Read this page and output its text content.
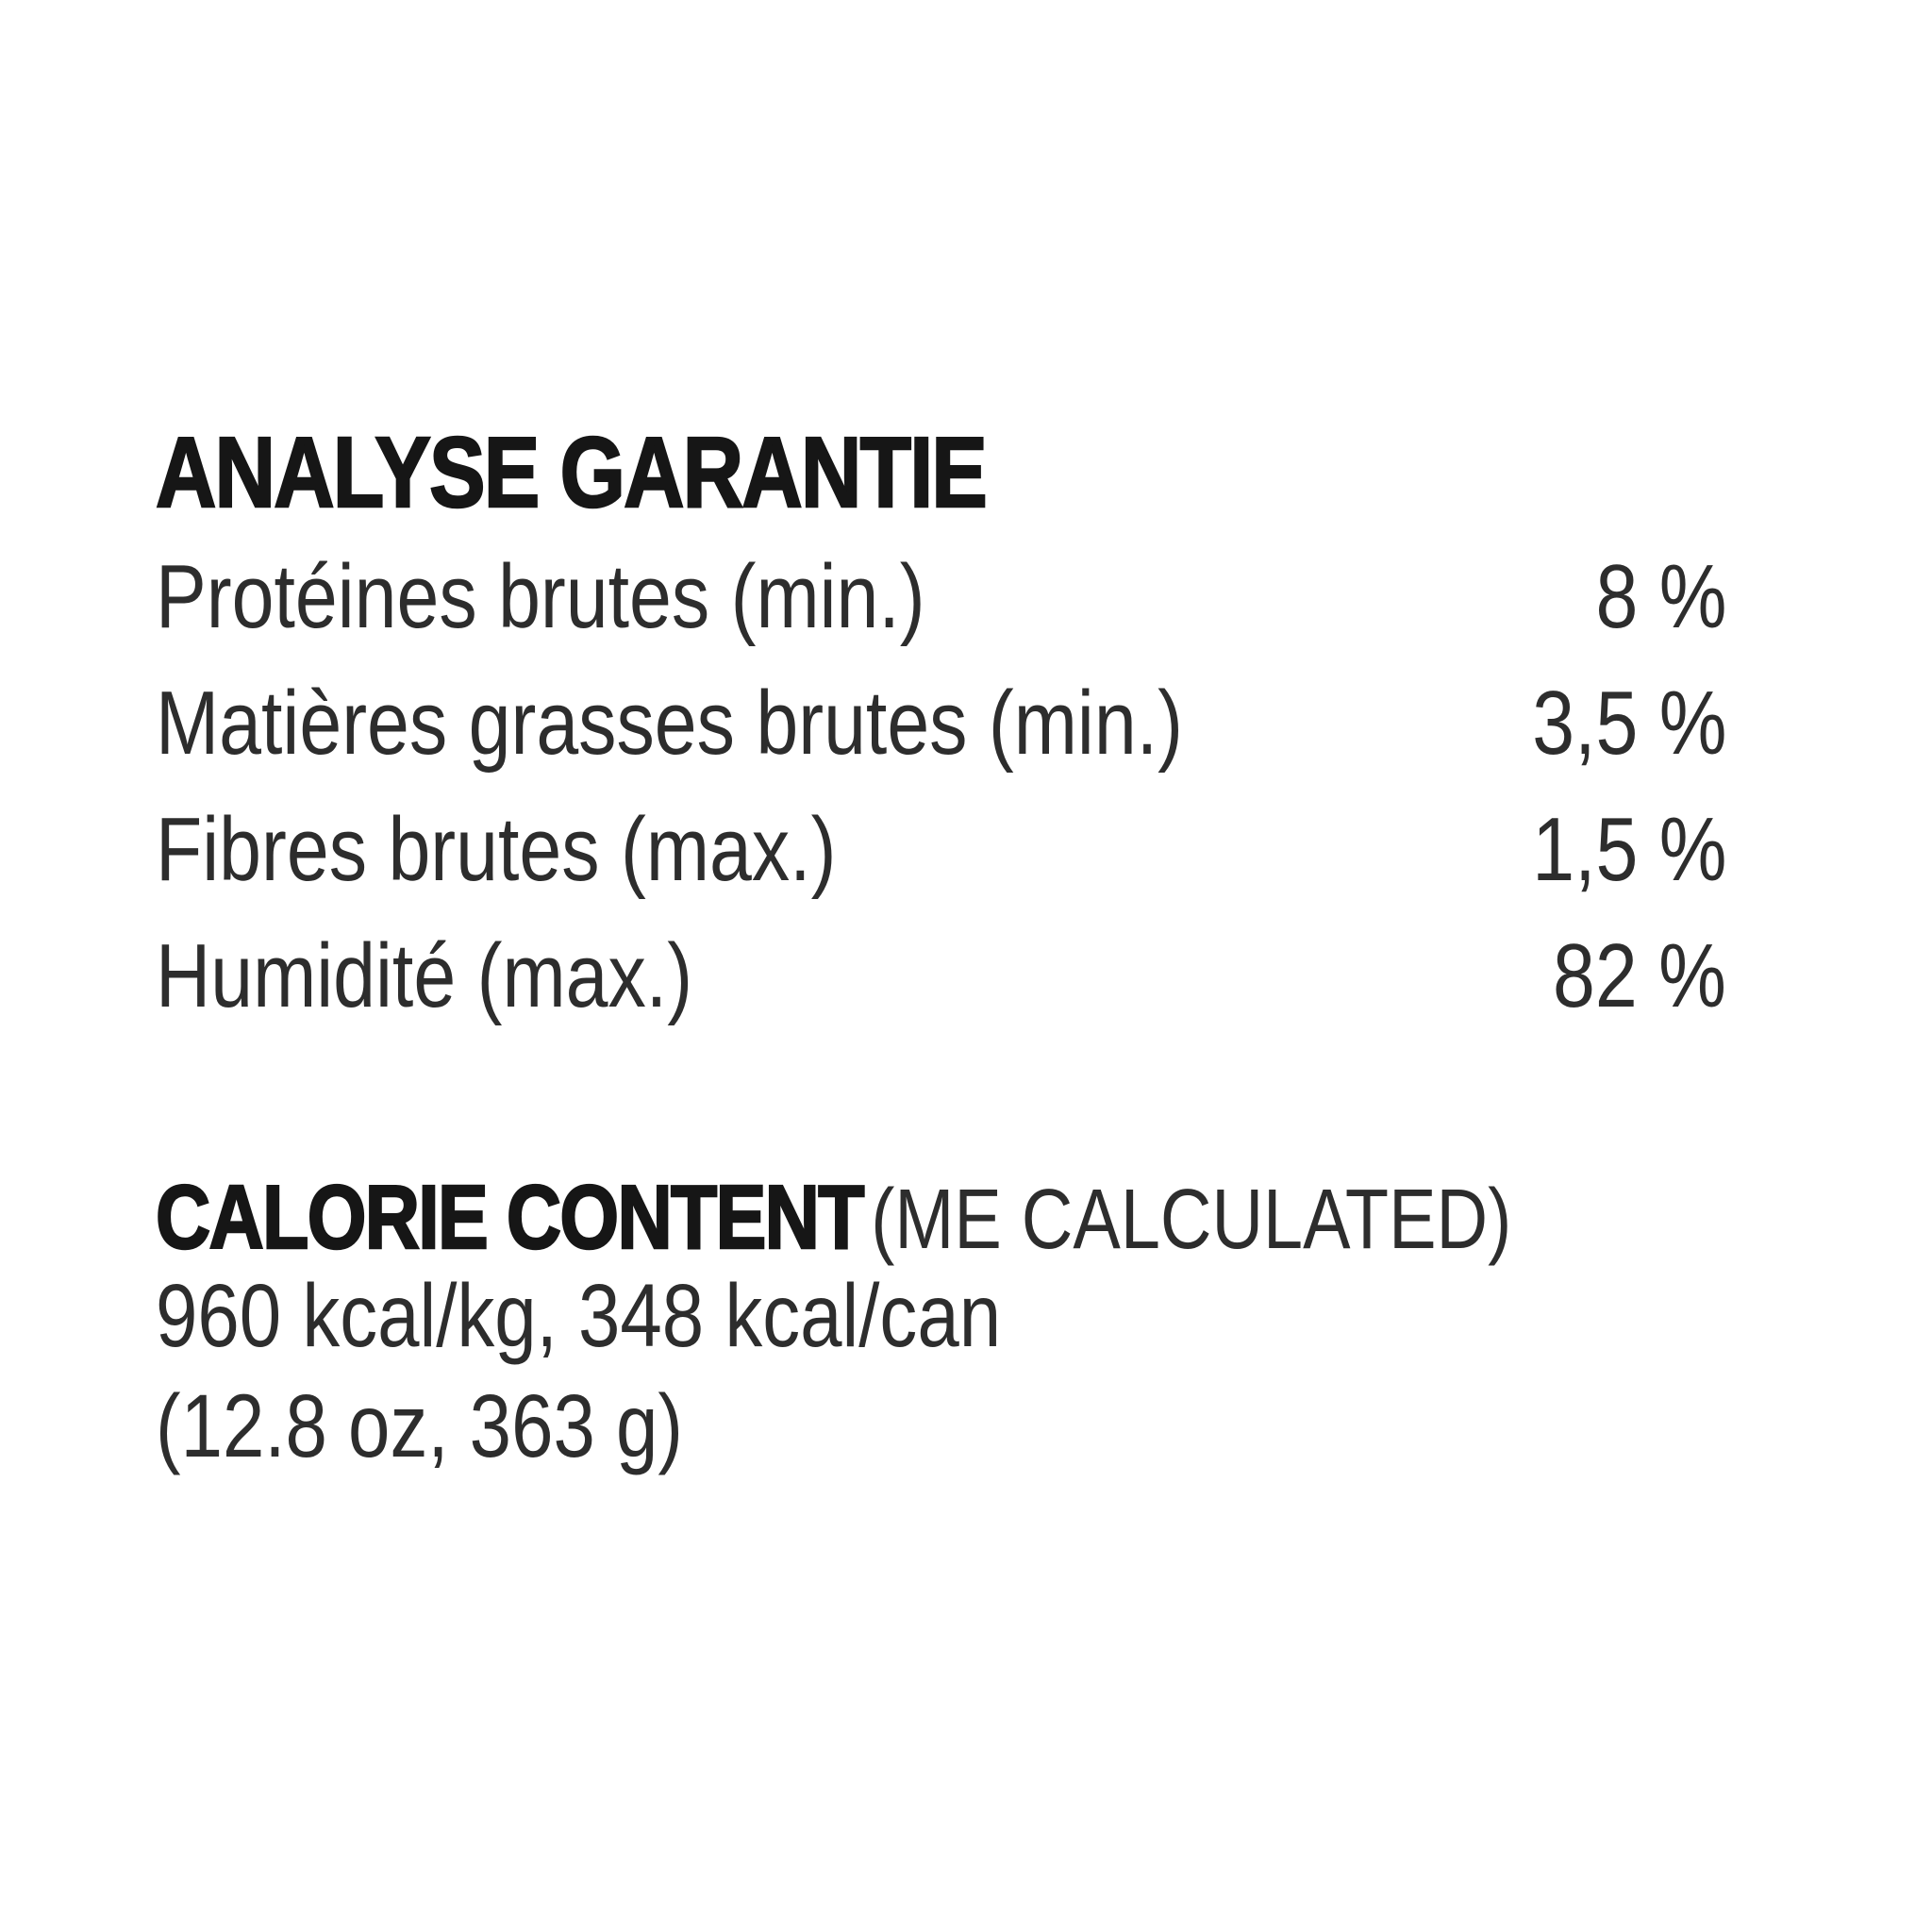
ANALYSE GARANTIE
Protéines brutes (min.)	8 %
Matières grasses brutes (min.)	3,5 %
Fibres brutes (max.)	1,5 %
Humidité (max.)	82 %
CALORIE CONTENT(ME CALCULATED)
960 kcal/kg, 348 kcal/can
(12.8 oz, 363 g)
